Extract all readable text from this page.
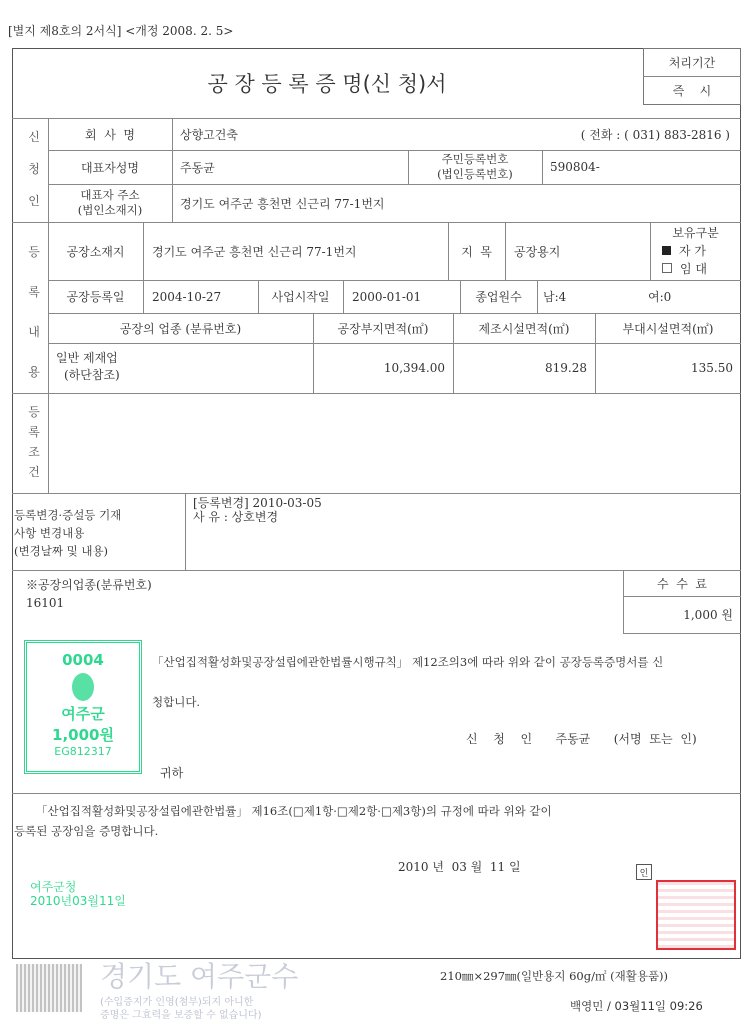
[별지 제8호의 2서식] <개정 2008. 2. 5>
공 장 등 록 증 명(신 청)서
처리기간
즉    시
신
청
인
회  사  명	상향고건축	( 전화 : ( 031) 883-2816 )
대표자성명	주동균
주민등록번호
(법인등록번호)	590804-
대표자 주소
(법인소재지)	경기도 여주군 흥천면 신근리 77-1번지
등
록
내
용
공장소재지	경기도 여주군 흥천면 신근리 77-1번지	지  목	공장용지
보유구분
자 가
임 대
공장등록일	2004-10-27	사업시작일	2000-01-01	종업원수	남:4	여:0
공장의 업종 (분류번호)	공장부지면적(㎡)	제조시설면적(㎡)	부대시설면적(㎡)
일반 제재업
(하단참조)	10,394.00	819.28	135.50
등
록
조
건
등록변경·증설등 기재
사항 변경내용
(변경날짜 및 내용)
[등록변경] 2010-03-05
사 유 : 상호변경
※공장의업종(분류번호)
16101
수  수  료
1,000 원
0004
여주군
1,000원
EG812317
「산업집적활성화및공장설립에관한법률시행규칙」 제12조의3에 따라 위와 같이 공장등록증명서를 신
청합니다.
신  청  인 주동균 (서명 또는 인)
귀하
「산업집적활성화및공장설립에관한법률」 제16조(□제1항·□제2항·□제3항)의 규정에 따라 위와 같이
등록된 공장임을 증명합니다.
2010 년  03 월  11 일
여주군청
2010년03월11일
인
경기도 여주군수	210㎜×297㎜(일반용지 60g/㎡ (재활용품))
(수입증지가 인영(첨부)되지 아니한
증명은 그효력을 보증할 수 없습니다)
백영민 / 03월11일 09:26
